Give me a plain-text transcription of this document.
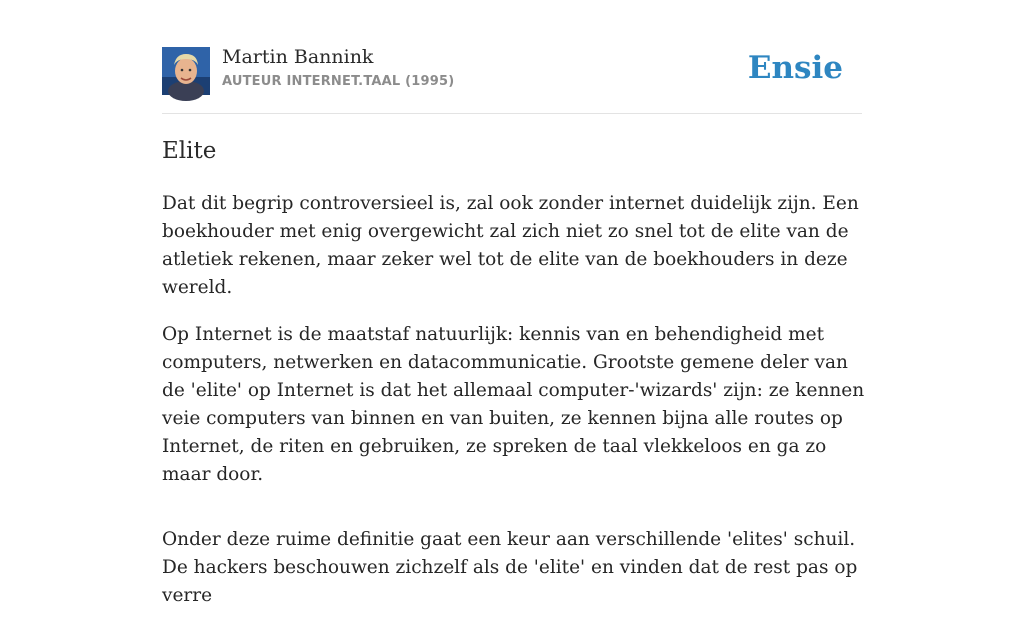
Martin Bannink
AUTEUR INTERNET.TAAL (1995)	Ensie
Elite

Dat dit begrip controversieel is, zal ook zonder internet duidelijk zijn. Een boekhouder met enig overgewicht zal zich niet zo snel tot de elite van de atletiek rekenen, maar zeker wel tot de elite van de boekhouders in deze wereld.

Op Internet is de maatstaf natuurlijk: kennis van en behendigheid met computers, netwerken en datacommunicatie. Grootste gemene deler van de 'elite' op Internet is dat het allemaal computer-'wizards' zijn: ze kennen veie computers van binnen en van buiten, ze kennen bijna alle routes op Internet, de riten en gebruiken, ze spreken de taal vlekkeloos en ga zo maar door.

Onder deze ruime definitie gaat een keur aan verschillende 'elites' schuil. De hackers beschouwen zichzelf als de 'elite' en vinden dat de rest pas op verre
